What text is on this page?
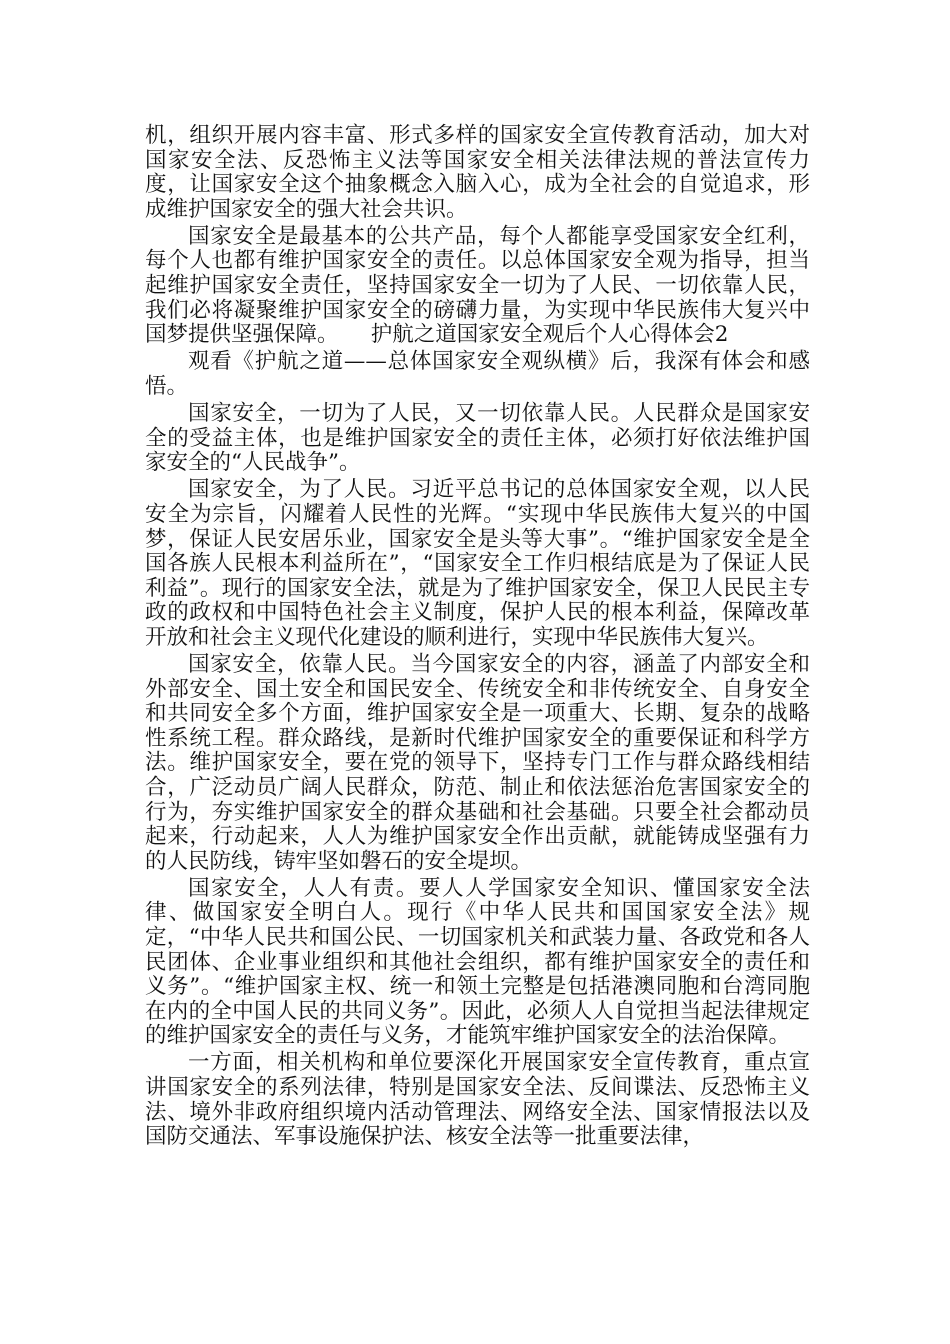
机，组织开展内容丰富、形式多样的国家安全宣传教育活动，加大对国家安全法、反恐怖主义法等国家安全相关法律法规的普法宣传力度，让国家安全这个抽象概念入脑入心，成为全社会的自觉追求，形成维护国家安全的强大社会共识。

国家安全是最基本的公共产品，每个人都能享受国家安全红利，每个人也都有维护国家安全的责任。以总体国家安全观为指导，担当起维护国家安全责任，坚持国家安全一切为了人民、一切依靠人民，我们必将凝聚维护国家安全的磅礴力量，为实现中华民族伟大复兴中国梦提供坚强保障。　　护航之道国家安全观后个人心得体会2

观看《护航之道——总体国家安全观纵横》后，我深有体会和感悟。

国家安全，一切为了人民，又一切依靠人民。人民群众是国家安全的受益主体，也是维护国家安全的责任主体，必须打好依法维护国家安全的“人民战争”。

国家安全，为了人民。习近平总书记的总体国家安全观，以人民安全为宗旨，闪耀着人民性的光辉。“实现中华民族伟大复兴的中国梦，保证人民安居乐业，国家安全是头等大事”。“维护国家安全是全国各族人民根本利益所在”，“国家安全工作归根结底是为了保证人民利益”。现行的国家安全法，就是为了维护国家安全，保卫人民民主专政的政权和中国特色社会主义制度，保护人民的根本利益，保障改革开放和社会主义现代化建设的顺利进行，实现中华民族伟大复兴。

国家安全，依靠人民。当今国家安全的内容，涵盖了内部安全和外部安全、国土安全和国民安全、传统安全和非传统安全、自身安全和共同安全多个方面，维护国家安全是一项重大、长期、复杂的战略性系统工程。群众路线，是新时代维护国家安全的重要保证和科学方法。维护国家安全，要在党的领导下，坚持专门工作与群众路线相结合，广泛动员广阔人民群众，防范、制止和依法惩治危害国家安全的行为，夯实维护国家安全的群众基础和社会基础。只要全社会都动员起来，行动起来，人人为维护国家安全作出贡献，就能铸成坚强有力的人民防线，铸牢坚如磐石的安全堤坝。

国家安全，人人有责。要人人学国家安全知识、懂国家安全法律、做国家安全明白人。现行《中华人民共和国国家安全法》规定，“中华人民共和国公民、一切国家机关和武装力量、各政党和各人民团体、企业事业组织和其他社会组织，都有维护国家安全的责任和义务”。“维护国家主权、统一和领土完整是包括港澳同胞和台湾同胞在内的全中国人民的共同义务”。因此，必须人人自觉担当起法律规定的维护国家安全的责任与义务，才能筑牢维护国家安全的法治保障。

一方面，相关机构和单位要深化开展国家安全宣传教育，重点宣讲国家安全的系列法律，特别是国家安全法、反间谍法、反恐怖主义法、境外非政府组织境内活动管理法、网络安全法、国家情报法以及国防交通法、军事设施保护法、核安全法等一批重要法律，
